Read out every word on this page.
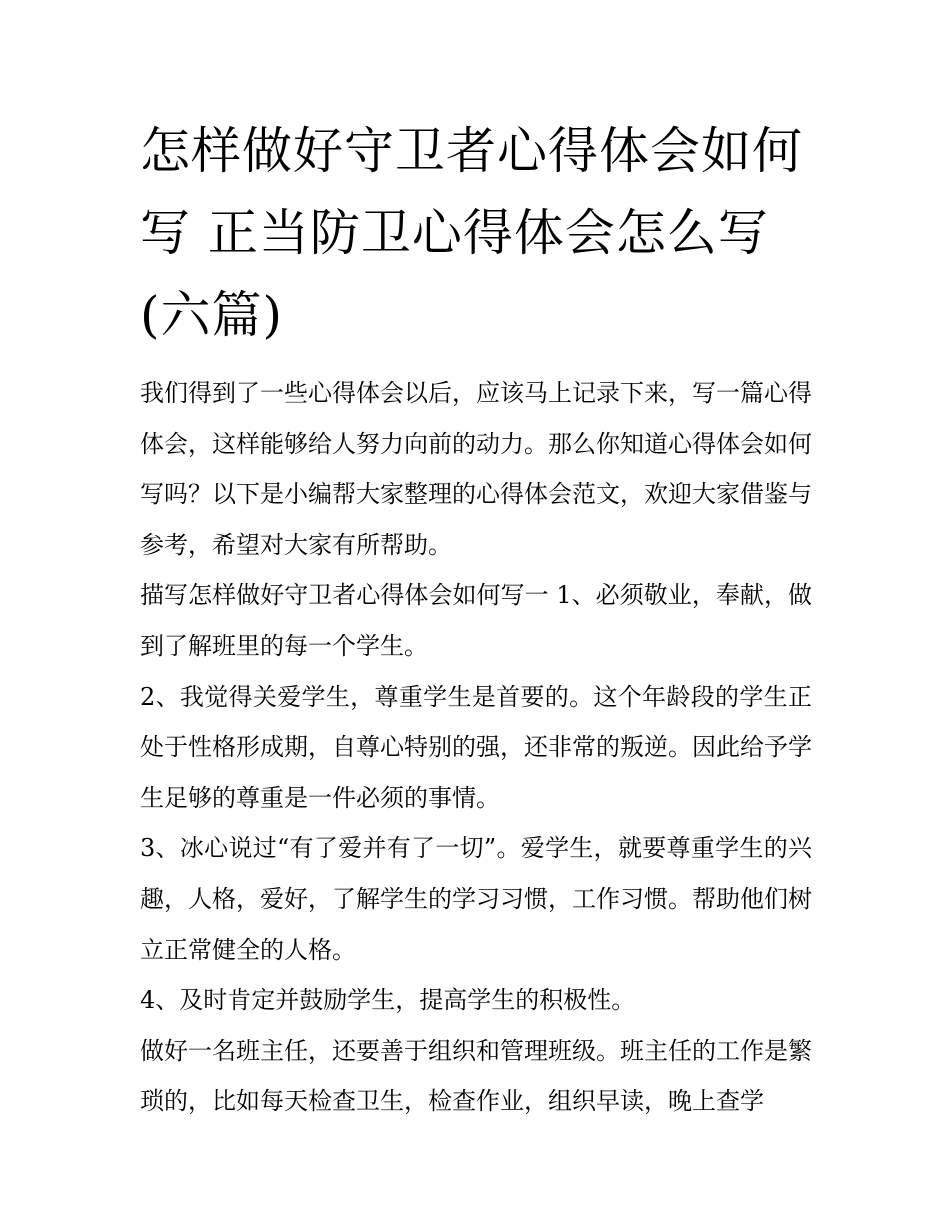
怎样做好守卫者心得体会如何写 正当防卫心得体会怎么写(六篇)

我们得到了一些心得体会以后，应该马上记录下来，写一篇心得体会，这样能够给人努力向前的动力。那么你知道心得体会如何写吗？以下是小编帮大家整理的心得体会范文，欢迎大家借鉴与参考，希望对大家有所帮助。

描写怎样做好守卫者心得体会如何写一 1、必须敬业，奉献，做到了解班里的每一个学生。

2、我觉得关爱学生，尊重学生是首要的。这个年龄段的学生正处于性格形成期，自尊心特别的强，还非常的叛逆。因此给予学生足够的尊重是一件必须的事情。

3、冰心说过“有了爱并有了一切”。爱学生，就要尊重学生的兴趣，人格，爱好，了解学生的学习习惯，工作习惯。帮助他们树立正常健全的人格。

4、及时肯定并鼓励学生，提高学生的积极性。

做好一名班主任，还要善于组织和管理班级。班主任的工作是繁琐的，比如每天检查卫生，检查作业，组织早读，晚上查学
